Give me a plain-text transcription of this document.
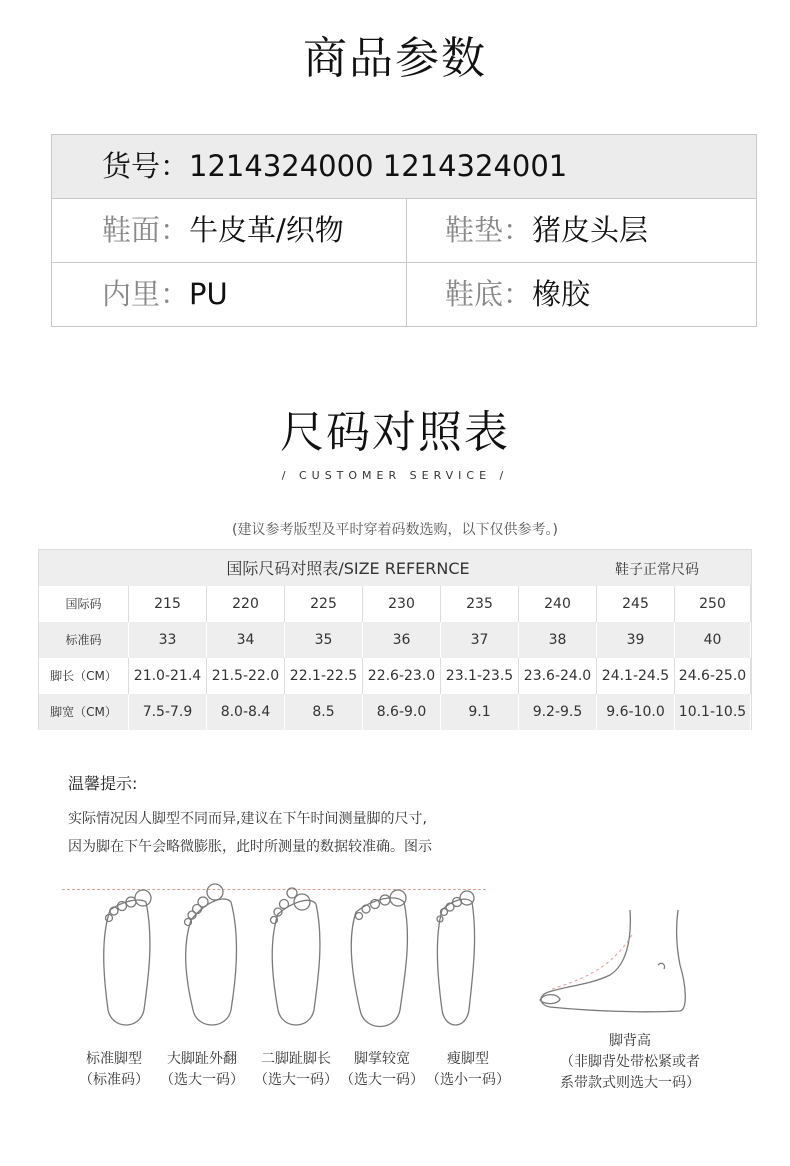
商品参数
货号：1214324000 1214324001
鞋面：牛皮革/织物	鞋垫：猪皮头层
内里：PU	鞋底：橡胶
尺码对照表
/ CUSTOMER SERVICE /
(建议参考版型及平时穿着码数选购，以下仅供参考。)
国际尺码对照表/SIZE REFERNCE	鞋子正常尺码
国际码	215	220	225	230	235	240	245	250
标准码	33	34	35	36	37	38	39	40
脚长（CM）	21.0-21.4 21.5-22.0 22.1-22.5 22.6-23.0 23.1-23.5 23.6-24.0 24.1-24.5 24.6-25.0
脚宽（CM）	7.5-7.9	8.0-8.4	8.5	8.6-9.0	9.1	9.2-9.5	9.6-10.0	10.1-10.5
温馨提示:
实际情况因人脚型不同而异,建议在下午时间测量脚的尺寸,
因为脚在下午会略微膨胀，此时所测量的数据较准确。图示
标准脚型
（标准码）
大脚趾外翻
（选大一码）
二脚趾脚长
（选大一码）
脚掌较宽
（选大一码）
瘦脚型
（选小一码）
脚背高
（非脚背处带松紧或者
系带款式则选大一码）
